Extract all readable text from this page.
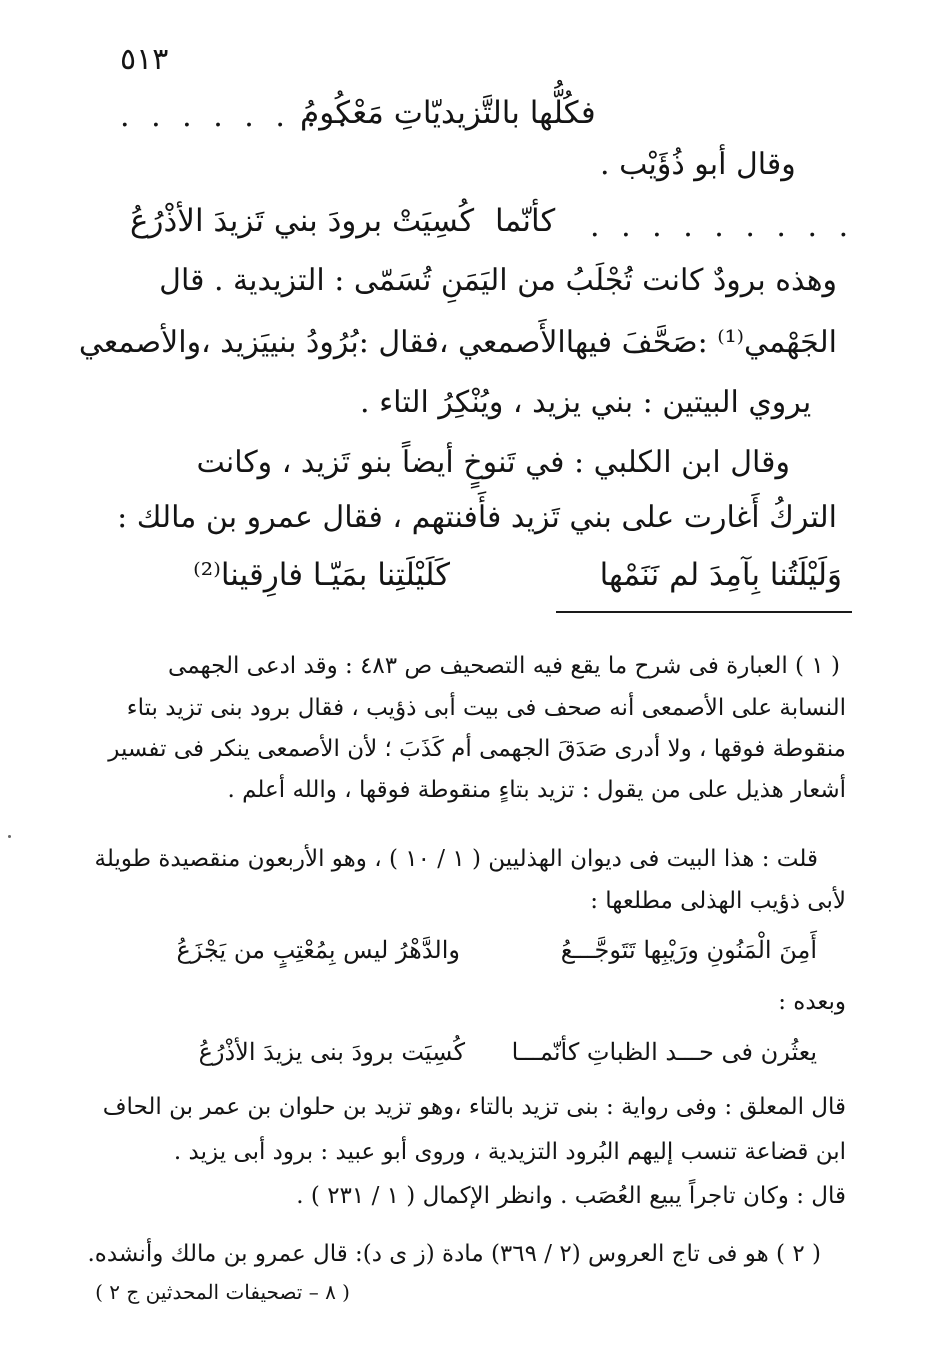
٥١٣
فكُلُّها بالتَّزيديّاتِ مَعْكُومُ
. . . . . . . .
وقال أبو ذُؤَيْب .
كُسِيَتْ برودَ بني تَزيدَ الأذْرُعُ كأنّما . . . . . . . . .
وهذه برودٌ كانت تُجْلَبُ من اليَمَنِ تُسَمّى : التزيدية . قال
الجَهْمي⁽¹⁾ :صَحَّفَ فيهاالأَصمعي ،فقال :بُرُودُ بنييَزيد ،والأصمعي
يروي البيتين : بني يزيد ، ويُنْكِرُ التاء .
وقال ابن الكلبي : في تَنوخٍ أيضاً بنو تَزيد ، وكانت
التركُ أَغارت على بني تَزيد فأَفنتهم ، فقال عمرو بن مالك :
وَلَيْلَتُنا بِآمِدَ لم نَنَمْها
كَلَيْلَتِنا بمَيّـا فارِقينا⁽²⁾
( ١ ) العبارة فى شرح ما يقع فيه التصحيف ص ٤٨٣ : وقد ادعى الجهمى
النسابة على الأصمعى أنه صحف فى بيت أبى ذؤيب ، فقال برود بنى تزيد بتاء
منقوطة فوقها ، ولا أدرى صَدَقَ الجهمى أم كَذَبَ ؛ لأن الأصمعى ينكر فى تفسير
أشعار هذيل على من يقول : تزيد بتاءٍ منقوطة فوقها ، والله أعلم .
قلت : هذا البيت فى ديوان الهذليين ( ١ / ١٠ ) ، وهو الأربعون منقصيدة طويلة
لأبى ذؤيب الهذلى مطلعها :
أَمِنَ الْمَنُونِ ورَيْبِها تَتَوجَّـــعُ
والدَّهْرُ ليس بِمُعْتِبٍ من يَجْزَعُ
وبعده :
يعثُرن فى حـــد الظباتِ كأنّمـــا
كُسِيَت برودَ بنى يزيدَ الأذْرُعُ
قال المعلق : وفى رواية : بنى تزيد بالتاء ،وهو تزيد بن حلوان بن عمر بن الحاف
ابن قضاعة تنسب إليهم البُرود التزيدية ، وروى أبو عبيد : برود أبى يزيد .
قال : وكان تاجراً يبيع العُصَب . وانظر الإكمال ( ١ / ٢٣١ ) .
( ٢ ) هو فى تاج العروس (٢ / ٣٦٩) مادة (ز ى د): قال عمرو بن مالك وأنشده.
( ٨ – تصحيفات المحدثين ج ٢ )
